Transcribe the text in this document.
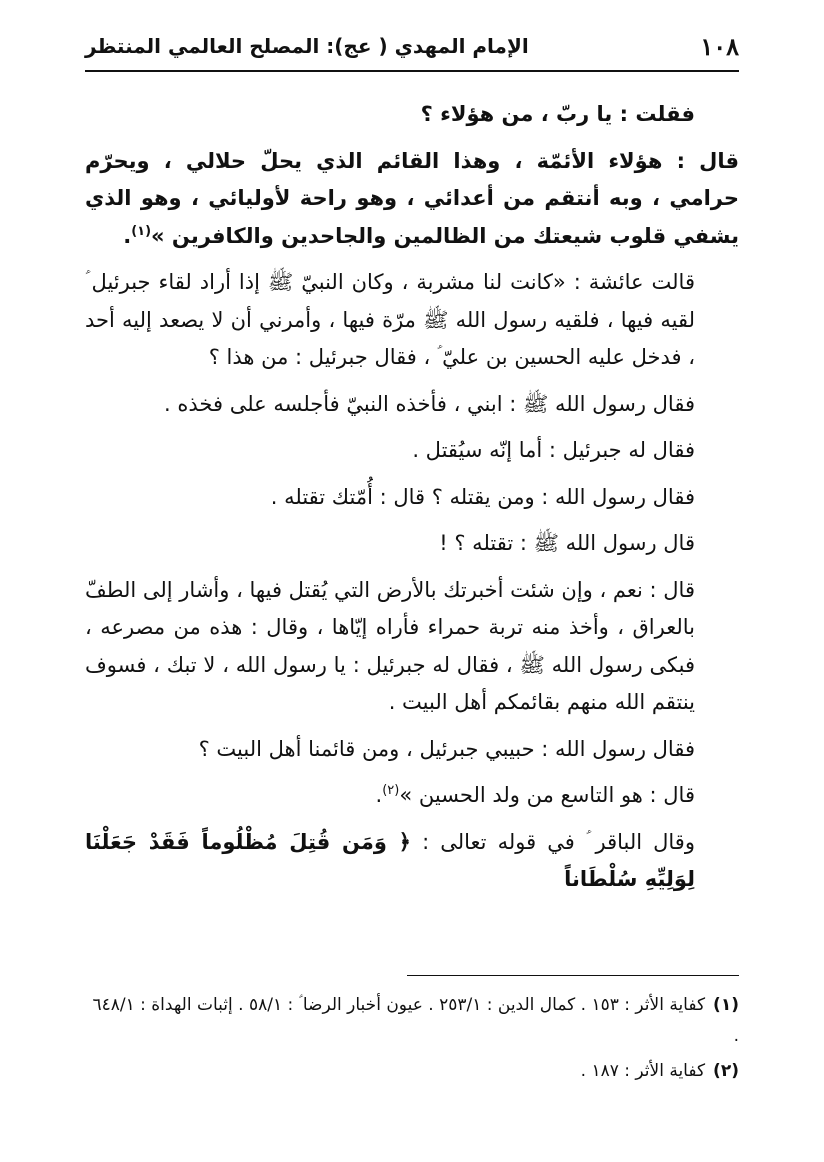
١٠٨
الإمام المهدي ( عج): المصلح العالمي المنتظر

فقلت : يا ربّ ، من هؤلاء ؟

قال : هؤلاء الأئمّة ، وهذا القائم الذي يحلّ حلالي ، ويحرّم حرامي ، وبه أنتقم من أعدائي ، وهو راحة لأوليائي ، وهو الذي يشفي قلوب شيعتك من الظالمين والجاحدين والكافرين »$^{(١)}$.

قالت عائشة : «كانت لنا مشربة ، وكان النبيّ ﷺ إذا أراد لقاء جبرئيل ؑ لقيه فيها ، فلقيه رسول الله ﷺ مرّة فيها ، وأمرني أن لا يصعد إليه أحد ، فدخل عليه الحسين بن عليّ ؑ ، فقال جبرئيل : من هذا ؟

فقال رسول الله ﷺ : ابني ، فأخذه النبيّ فأجلسه على فخذه .

فقال له جبرئيل : أما إنّه سيُقتل .

فقال رسول الله : ومن يقتله ؟ قال : أُمّتك تقتله .

قال رسول الله ﷺ : تقتله ؟ !

قال : نعم ، وإن شئت أخبرتك بالأرض التي يُقتل فيها ، وأشار إلى الطفّ بالعراق ، وأخذ منه تربة حمراء فأراه إيّاها ، وقال : هذه من مصرعه ، فبكى رسول الله ﷺ ، فقال له جبرئيل : يا رسول الله ، لا تبك ، فسوف ينتقم الله منهم بقائمكم أهل البيت .

فقال رسول الله : حبيبي جبرئيل ، ومن قائمنا أهل البيت ؟

قال : هو التاسع من ولد الحسين »$^{(٢)}$.

وقال الباقر ؑ في قوله تعالى : ﴿ وَمَن قُتِلَ مُظْلُوماً فَقَدْ جَعَلْنَا لِوَلِيِّهِ سُلْطَاناً

(١)كفاية الأثر : ١٥٣ . كمال الدين : ٢٥٣/١ . عيون أخبار الرضا ؑ : ٥٨/١ . إثبات الهداة : ٦٤٨/١ .

(٢)كفاية الأثر : ١٨٧ .
